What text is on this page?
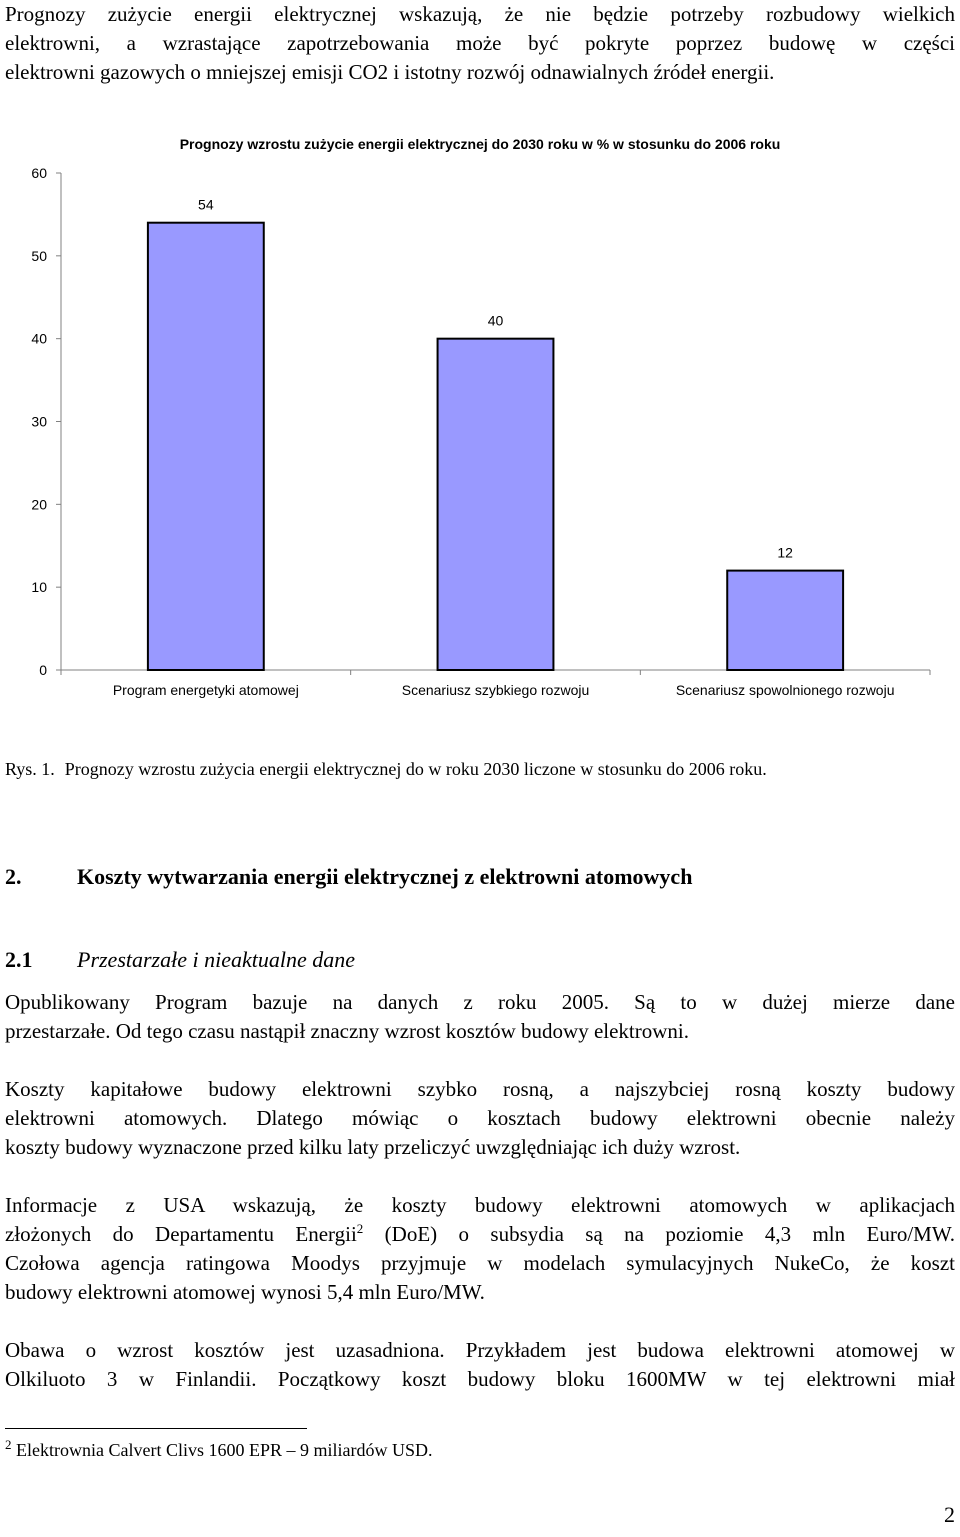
Prognozy zużycie energii elektrycznej wskazują, że nie będzie potrzeby rozbudowy wielkich
elektrowni, a wzrastające zapotrzebowania może być pokryte poprzez budowę w części
elektrowni gazowych o mniejszej emisji CO2 i istotny rozwój odnawialnych źródeł energii.

Prognozy wzrostu zużycie energii elektrycznej do 2030 roku w % w stosunku do 2006 roku
0
10
20
30
40
50
60
54
Program energetyki atomowej
40
Scenariusz szybkiego rozwoju
12
Scenariusz spowolnionego rozwoju
Rys. 1. Prognozy wzrostu zużycia energii elektrycznej do w roku 2030 liczone w stosunku do 2006 roku.
2.	Koszty wytwarzania energii elektrycznej z elektrowni atomowych
2.1 Przestarzałe i nieaktualne dane

Opublikowany Program bazuje na danych z roku 2005. Są to w dużej mierze dane
przestarzałe. Od tego czasu nastąpił znaczny wzrost kosztów budowy elektrowni.

Koszty kapitałowe budowy elektrowni szybko rosną, a najszybciej rosną koszty budowy
elektrowni atomowych. Dlatego mówiąc o kosztach budowy elektrowni obecnie należy
koszty budowy wyznaczone przed kilku laty przeliczyć uwzględniając ich duży wzrost.

Informacje z USA wskazują, że koszty budowy elektrowni atomowych w aplikacjach
złożonych do Departamentu Energii$^2$ (DoE) o subsydia są na poziomie 4,3 mln Euro/MW.
Czołowa agencja ratingowa Moodys przyjmuje w modelach symulacyjnych NukeCo, że koszt
budowy elektrowni atomowej wynosi 5,4 mln Euro/MW.

Obawa o wzrost kosztów jest uzasadniona. Przykładem jest budowa elektrowni atomowej w
Olkiluoto 3 w Finlandii. Początkowy koszt budowy bloku 1600MW w tej elektrowni miał

$^2$ Elektrownia Calvert Clivs 1600 EPR – 9 miliardów USD.
2
